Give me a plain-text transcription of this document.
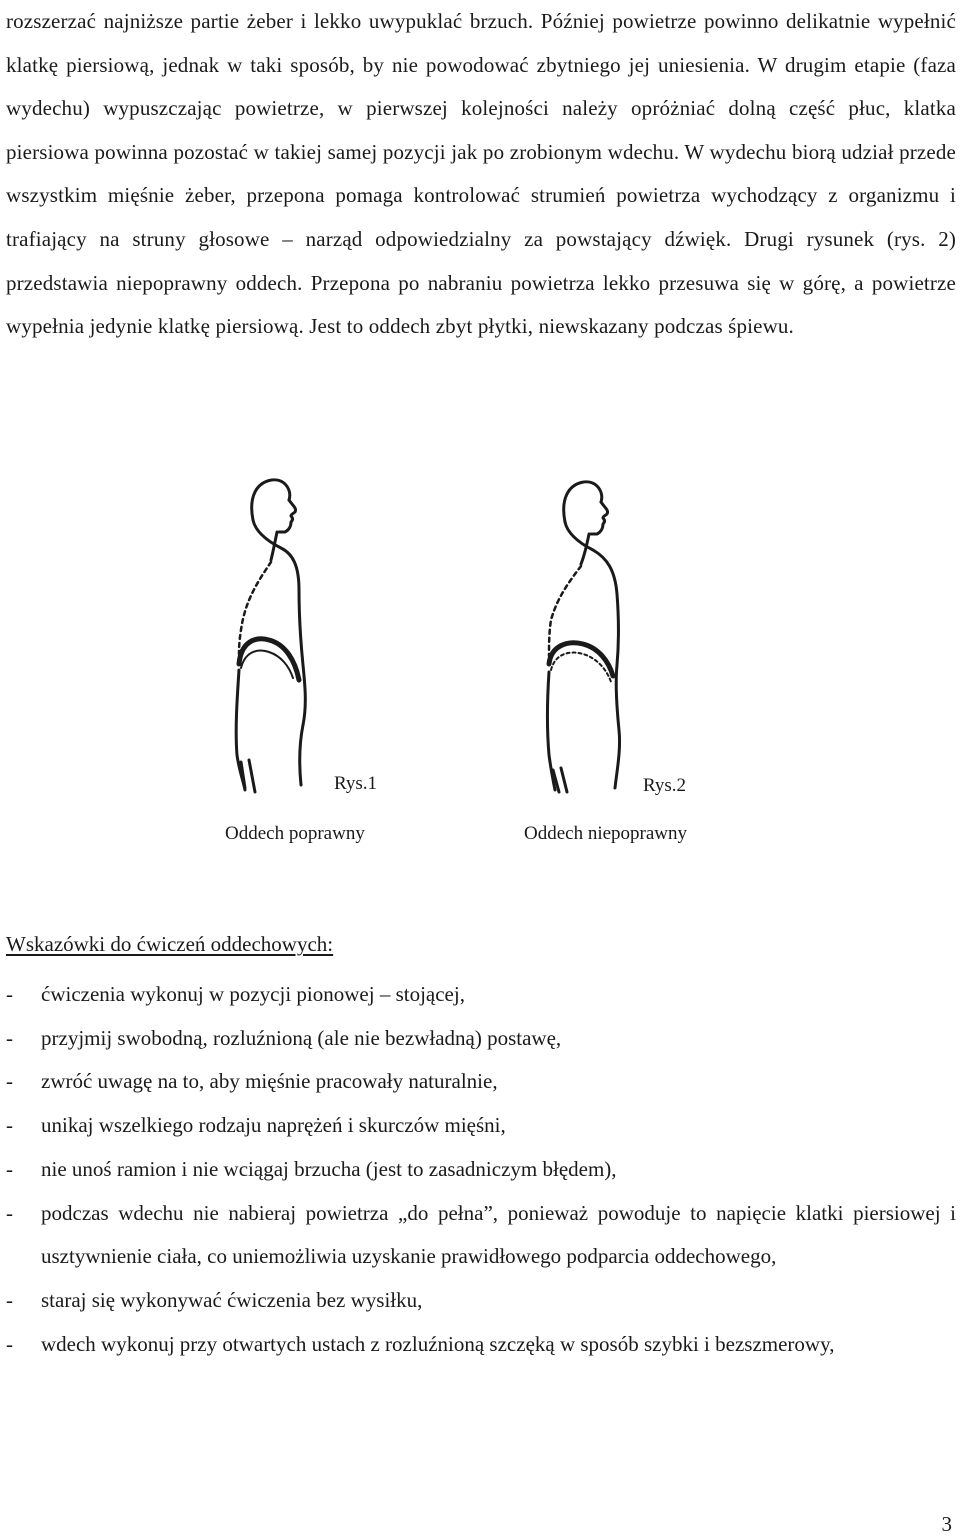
rozszerzać najniższe partie żeber i lekko uwypuklać brzuch. Później powietrze powinno delikatnie wypełnić klatkę piersiową, jednak w taki sposób, by nie powodować zbytniego jej uniesienia. W drugim etapie (faza wydechu) wypuszczając powietrze, w pierwszej kolejności należy opróżniać dolną część płuc, klatka piersiowa powinna pozostać w takiej samej pozycji jak po zrobionym wdechu. W wydechu biorą udział przede wszystkim mięśnie żeber, przepona pomaga kontrolować strumień powietrza wychodzący z organizmu i trafiający na struny głosowe – narząd odpowiedzialny za powstający dźwięk. Drugi rysunek (rys. 2) przedstawia niepoprawny oddech. Przepona po nabraniu powietrza lekko przesuwa się w górę, a powietrze wypełnia jedynie klatkę piersiową. Jest to oddech zbyt płytki, niewskazany podczas śpiewu.

Rys.1
Oddech poprawny
Rys.2
Oddech niepoprawny

Wskazówki do ćwiczeń oddechowych:

- ćwiczenia wykonuj w pozycji pionowej – stojącej,
- przyjmij swobodną, rozluźnioną (ale nie bezwładną) postawę,
- zwróć uwagę na to, aby mięśnie pracowały naturalnie,
- unikaj wszelkiego rodzaju naprężeń i skurczów mięśni,
- nie unoś ramion i nie wciągaj brzucha (jest to zasadniczym błędem),
- podczas wdechu nie nabieraj powietrza „do pełna”, ponieważ powoduje to napięcie klatki piersiowej i usztywnienie ciała, co uniemożliwia uzyskanie prawidłowego podparcia oddechowego,
- staraj się wykonywać ćwiczenia bez wysiłku,
- wdech wykonuj przy otwartych ustach z rozluźnioną szczęką w sposób szybki i bezszmerowy,
3
